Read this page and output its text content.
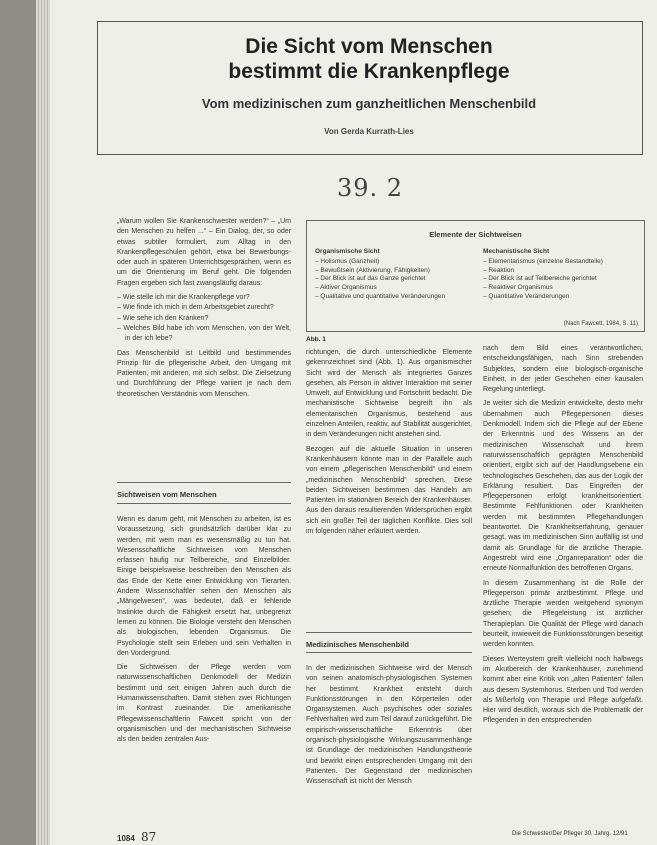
Die Sicht vom Menschen
bestimmt die Krankenpflege
Vom medizinischen zum ganzheitlichen Menschenbild
Von Gerda Kurrath-Lies
39. 2

„Warum wollen Sie Krankenschwester werden?“ – „Um den Menschen zu helfen ...“ – Ein Dialog, der, so oder etwas subtiler formuliert, zum Alltag in den Krankenpflegeschulen gehört, etwa bei Bewerbungs- oder auch in späteren Unterrichtsgesprächen, wenn es um die Orientierung im Beruf geht. Die folgenden Fragen ergeben sich fast zwangsläufig daraus:

– Wie stelle ich mir die Krankenpflege vor?
– Wie finde ich mich in dem Arbeitsgebiet zurecht?
– Wie sehe ich den Kranken?
– Welches Bild habe ich vom Menschen, von der Welt, in der ich lebe?

Das Menschenbild ist Leitbild und bestimmendes Prinzip für die pflegerische Arbeit, den Umgang mit Patienten, mit anderen, mit sich selbst. Die Zielsetzung und Durchführung der Pflege variiert je nach dem theoretischen Verständnis vom Menschen.

Sichtweisen vom Menschen

Wenn es darum geht, mit Menschen zu arbeiten, ist es Voraussetzung, sich grundsätzlich darüber klar zu werden, mit wem man es wesensmäßig zu tun hat. Wesensschaftliche Sichtweisen vom Menschen erfassen häufig nur Teilbereiche, sind Einzelbilder. Einige beispielsweise beschreiben den Menschen als das Ende der Kette einer Entwicklung von Tierarten. Andere Wissenschaftler sehen den Menschen als „Mängelwesen“, was bedeutet, daß er fehlende Instinkte durch die Fähigkeit ersetzt hat, unbegrenzt lernen zu können. Die Biologie versteht den Menschen als biologischen, lebenden Organismus. Die Psychologie stellt sein Erleben und sein Verhalten in den Vordergrund.

Die Sichtweisen der Pflege werden vom naturwissenschaftlichen Denkmodell der Medizin bestimmt und seit einigen Jahren auch durch die Humanwissenschaften. Damit stehen zwei Richtungen im Kontrast zueinander. Die amerikanische Pflegewissenschaftlerin Fawcett spricht von der organismischen und der mechanistischen Sichtweise als den beiden zentralen Aus-

Elemente der Sichtweisen
Organismische Sicht
– Holismus (Ganzheit)
– Bewußtsein (Aktivierung, Fähigkeiten)
– Der Blick ist auf das Ganze gerichtet
– Aktiver Organismus
– Qualitative und quantitative Veränderungen
Mechanistische Sicht
– Elementarismus (einzelne Bestandteile)
– Reaktion
– Der Blick ist auf Teilbereiche gerichtet
– Reaktiver Organismus
– Quantitative Veränderungen
(Nach Fawcett, 1984, S. 11)
Abb. 1

richtungen, die durch unterschiedliche Elemente gekennzeichnet sind (Abb. 1). Aus organismischer Sicht wird der Mensch als integriertes Ganzes gesehen, als Person in aktiver Interaktion mit seiner Umwelt, auf Entwicklung und Fortschritt bedacht. Die mechanistische Sichtweise begreift ihn als elementarischen Organismus, bestehend aus einzelnen Anteilen, reaktiv, auf Stabilität ausgerichtet, in dem Veränderungen nicht anstehen sind.

Bezogen auf die aktuelle Situation in unseren Krankenhäusern könnte man in der Parallele auch von einem „pflegerischen Menschenbild“ und einem „medizinischen Menschenbild“ sprechen. Diese beiden Sichtweisen bestimmen das Handeln am Patienten im stationären Bereich der Krankenhäuser. Aus den daraus resultierenden Widersprüchen ergibt sich ein großer Teil der täglichen Konflikte. Dies soll im folgenden näher erläutert werden.

Medizinisches Menschenbild

In der medizinischen Sichtweise wird der Mensch von seinen anatomisch-physiologischen Systemen her bestimmt. Krankheit entsteht durch Funktionsstörungen in den Körperteilen oder Organsystemen. Auch psychisches oder soziales Fehlverhalten wird zum Teil darauf zurückgeführt. Die empirisch-wissenschaftliche Erkenntnis über organisch-physiologische Wirkungszusammenhänge ist Grundlage der medizinischen Handlungstheorie und bewirkt einen entsprechenden Umgang mit den Patienten. Der Gegenstand der medizinischen Wissenschaft ist nicht der Mensch

nach dem Bild eines verantwortlichen, entscheidungsfähigen, nach Sinn strebenden Subjektes, sondern eine biologisch-organische Einheit, in der jeder Geschehen einer kausalen Regelung unterliegt.

Je weiter sich die Medizin entwickelte, desto mehr übernahmen auch Pflegepersonen dieses Denkmodell. Indem sich die Pflege auf der Ebene der Erkenntnis und des Wissens an der medizinischen Wissenschaft und ihrem naturwissenschaftlich geprägten Menschenbild orientiert, ergibt sich auf der Handlungsebene ein technologisches Geschehen, das aus der Logik der Erklärung resultiert. Das Eingreifen der Pflegepersonen erfolgt krankheitsorientiert. Bestimmte Fehlfunktionen oder Krankheiten werden mit bestimmten Pflegehandlungen beantwortet. Die Krankheitserfahrung, genauer gesagt, was im medizinischen Sinn auffällig ist und damit als Grundlage für die ärztliche Therapie. Angestrebt wird eine „Organreparation“ oder die erneute Normalfunktion des betroffenen Organs.

In diesem Zusammenhang ist die Rolle der Pflegeperson primär arztbestimmt. Pflege und ärztliche Therapie werden weitgehend synonym gesehen; die Pflegeleistung ist ärztlicher Therapieplan. Die Qualität der Pflege wird danach beurteilt, inwieweit die Funktionsstörungen beseitigt werden konnten.

Dieses Werteystem greift vielleicht noch halbwegs im Akutbereich der Krankenhäuser, zunehmend kommt aber eine Kritik von „alten Patienten“ fallen aus diesem Systemhorus. Sterben und Tod werden als Mißerfolg von Therapie und Pflege aufgefaßt. Hier wird deutlich, woraus sich die Problematik der Pflegenden in den entsprechenden

1084 87	Die Schwester/Der Pfleger 30. Jahrg. 12/91
